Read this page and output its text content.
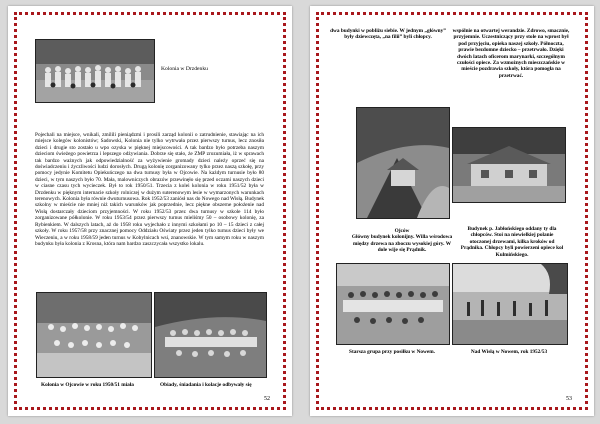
Kolonia w Drzdenku
Pojechali na miejsce, wnikali, zmilili pieniądzmi i prosili zarząd kolonii o zatrudnienie, stawiając na ich miejsce kolegów kolonistów; Sadowski, Kolonia nie tylko wytrwała przez pierwszy turnus, lecz znosiła dzieci i drugie sto zostało u wpo ozyska w pięknej miejscowości. A tak bardzo było potrzeba naszym dzieciom świeżego powietrza i lepszego odżywiania. Dobrze się stało, że ZMP zrozumiała, iż w sprawach tak bardzo ważnych jak odpowiedzialność za wyżywienie gromady dzieci należy oprzeć się na doświadczeniu i życzliwości ludzi dorosłych. Drugą kolonię zorganizowany tylko przez naszą szkołę, przy pomocy jedynie Komitetu Opiekuńczego na dwa turnusy była w Ojcowie. Na każdym turnusie było 80 dzieci, w tym naszych było 70. Mała, malowniczych obrazów przewinęło się przed oczami naszych dzieci w ciasne czasu tych wycieczek. Był to rok 1950/51. Trzecia z kolei kolonia w roku 1951/52 była w Drzdenku w pięknym internacie szkoły rolniczej w dużym suterenowym lesie w wymarzonych warunkach terenowych. Kolonia była równie dwuturnusowa. Rok 1952/53 zaniósł nas do Nowego nad Wisłą. Budynek szkolny w mieście nie mniej niż takich warunków jak poprzednie, lecz piękne obszerne położenie nad Wisłą dostarczały dzieciom przyjemności. W roku 1952/53 przez dwa turnusy w szkole 114 było zorganizowane półkolonie. W roku 1953/54 przez pierwszy turnus mieliśmy 50 – osobowy kolonię, za Rybienkiem. W dalszych latach, aż do 1958 roku wyjechało z innymi szkołami po 10 – 15 dzieci z całej szkoły. W roku 1957/58 przy znacznej pomocy Oddziału Oświaty przez jeden tylko turnus dzieci były we Wieczeniu, a w roku 1958/59 jeden turnus w Kobylnicach wsi, znanowskie. W tym samym roku w naszym budynku była kolonia z Krosna, która nam bardzo zaszczycała wszystko lokalu.
Kolonia w Ojcowie w roku 1950/51 miała	Obiady, śniadania i kolacje odbywały się
52
dwa budynki w pobliżu siebie. W jednym „główny” były dziewczęta, „na filii” byli chłopcy.
wspólnie na otwartej werandzie. Zdrowo, smacznie, przyjemnie. Uczestniczący przy stole na wprost był pod przyjęciu, opieka naszej szkoły. Północzta, prawie bezdomne dziecko – przetrwało. Dzięki dwóch latach oficerom marynarki, szczególnym czułości opiece. Za wzmożnych mieszczańskie w mieście pozdrawia szkoły, która pomogła na przetrwać.
Ojców
Główny budynek kolonijny. Willa wśrodowa między drzewa na zboczu wysokiej góry. W dole wije się Prądnik.
Budynek p. Jabłońskiego oddany ty dla chłopców. Stoi na niewielkiej polanie otoczonej drzewami, kilka kroków od Prądnika. Chłopcy byli powierzeni opiece kol Kulmińskiego.
Starsza grupa przy posiłku w Nowem.	Nad Wisłą w Nowem, rok 1952/53
53
